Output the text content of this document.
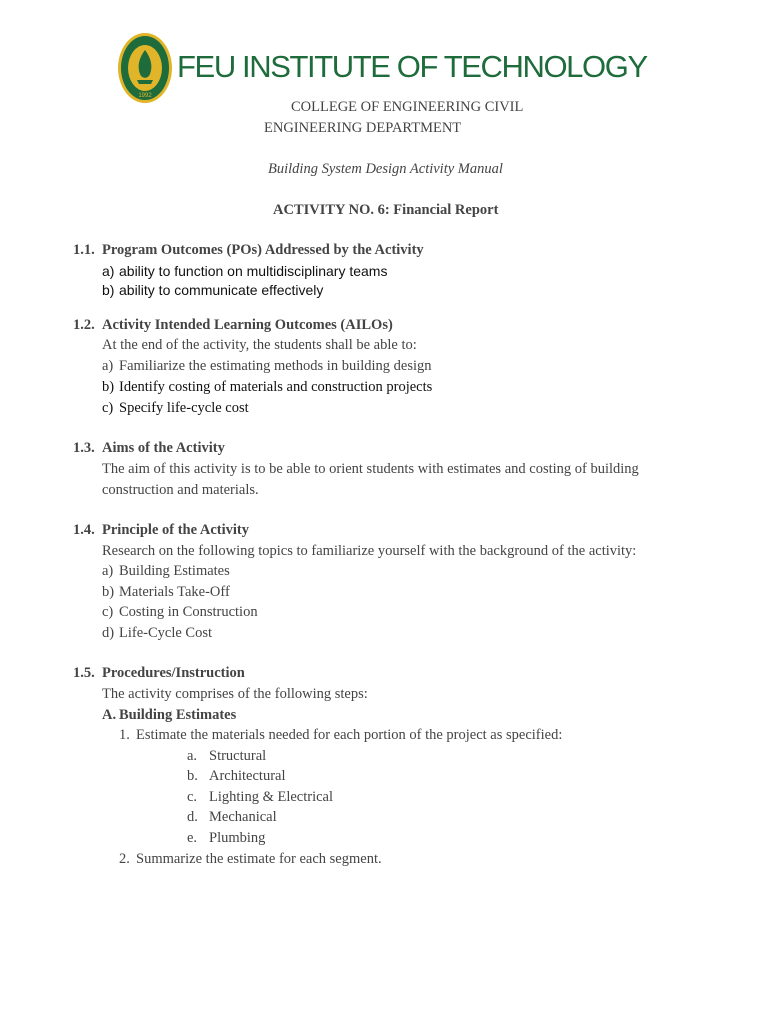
1992
FEU INSTITUTE OF TECHNOLOGY
COLLEGE OF ENGINEERING CIVIL
ENGINEERING DEPARTMENT
Building System Design Activity Manual
ACTIVITY NO. 6: Financial Report
1.1. Program Outcomes (POs) Addressed by the Activity
a) ability to function on multidisciplinary teams
b) ability to communicate effectively
1.2. Activity Intended Learning Outcomes (AILOs)
At the end of the activity, the students shall be able to:
a) Familiarize the estimating methods in building design
b) Identify costing of materials and construction projects
c) Specify life-cycle cost
1.3. Aims of the Activity
The aim of this activity is to be able to orient students with estimates and costing of building
construction and materials.
1.4. Principle of the Activity
Research on the following topics to familiarize yourself with the background of the activity:
a) Building Estimates
b) Materials Take-Off
c) Costing in Construction
d) Life-Cycle Cost
1.5. Procedures/Instruction
The activity comprises of the following steps:
A. Building Estimates
1. Estimate the materials needed for each portion of the project as specified:
a. Structural
b. Architectural
c. Lighting & Electrical
d. Mechanical
e. Plumbing
2. Summarize the estimate for each segment.
